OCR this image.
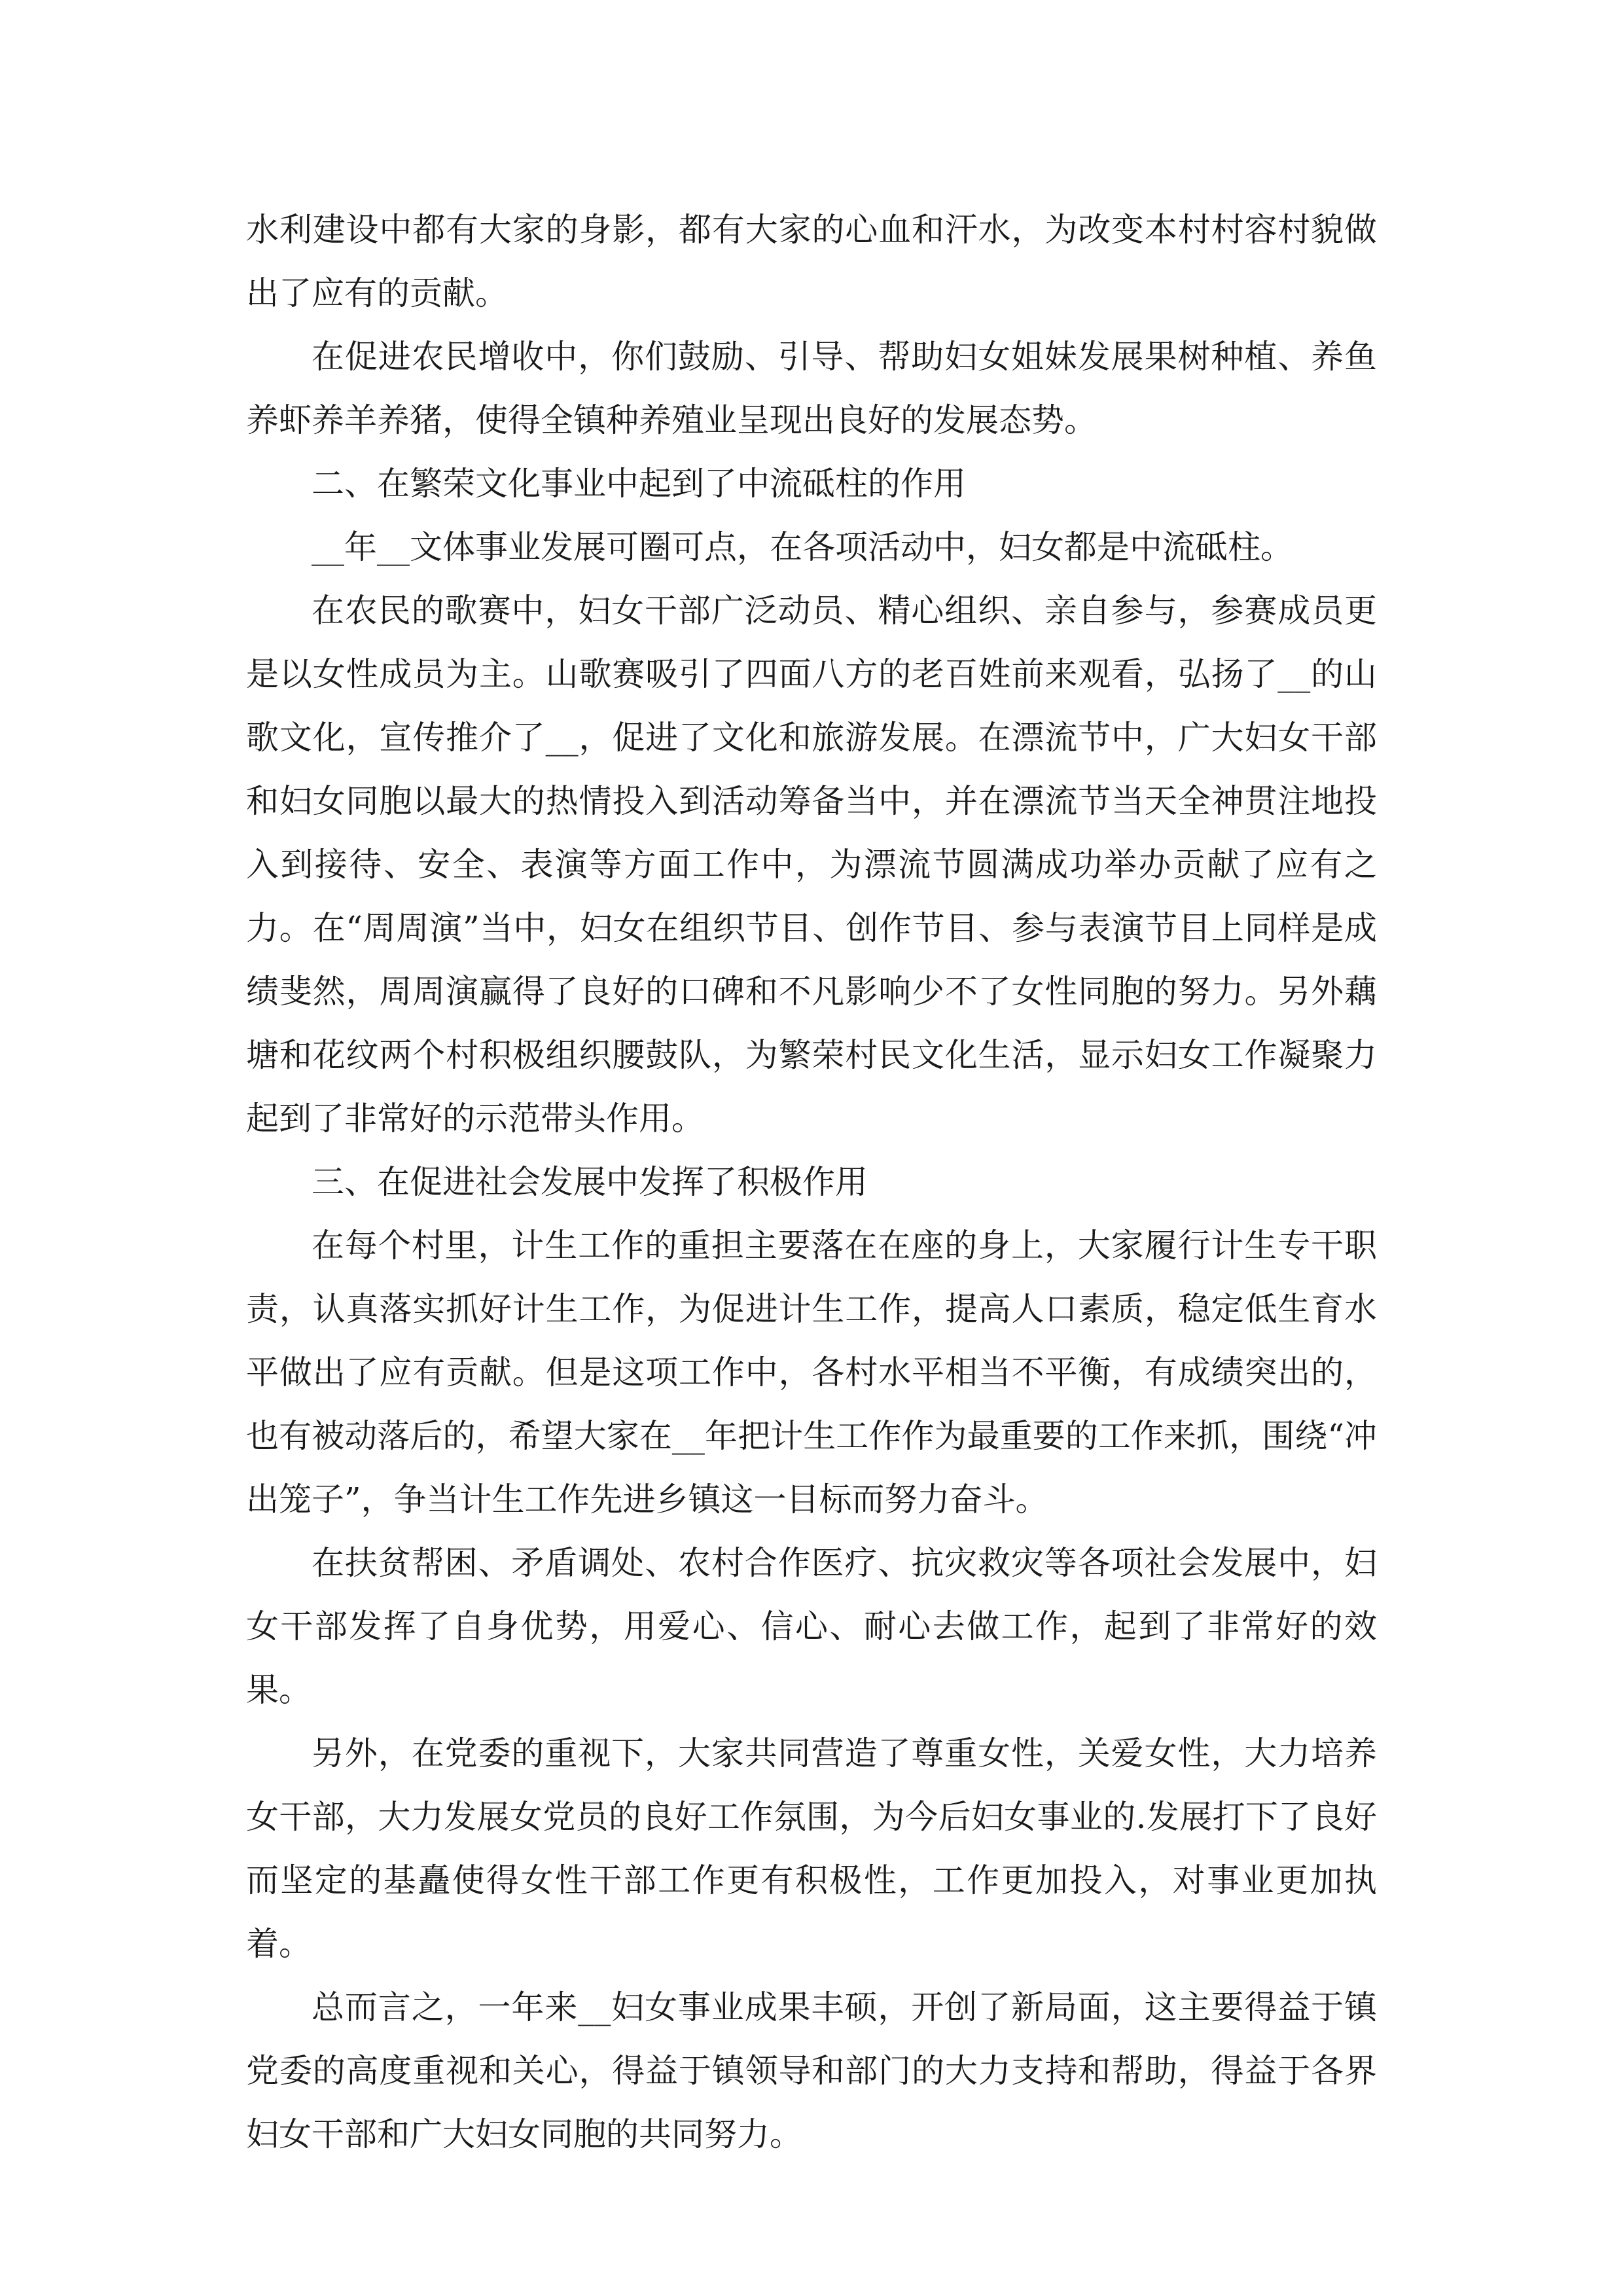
水利建设中都有大家的身影，都有大家的心血和汗水，为改变本村村容村貌做出了应有的贡献。

在促进农民增收中，你们鼓励、引导、帮助妇女姐妹发展果树种植、养鱼养虾养羊养猪，使得全镇种养殖业呈现出良好的发展态势。

二、在繁荣文化事业中起到了中流砥柱的作用

__年__文体事业发展可圈可点，在各项活动中，妇女都是中流砥柱。

在农民的歌赛中，妇女干部广泛动员、精心组织、亲自参与，参赛成员更是以女性成员为主。山歌赛吸引了四面八方的老百姓前来观看，弘扬了__的山歌文化，宣传推介了__，促进了文化和旅游发展。在漂流节中，广大妇女干部和妇女同胞以最大的热情投入到活动筹备当中，并在漂流节当天全神贯注地投入到接待、安全、表演等方面工作中，为漂流节圆满成功举办贡献了应有之力。在“周周演”当中，妇女在组织节目、创作节目、参与表演节目上同样是成绩斐然，周周演赢得了良好的口碑和不凡影响少不了女性同胞的努力。另外藕塘和花纹两个村积极组织腰鼓队，为繁荣村民文化生活，显示妇女工作凝聚力起到了非常好的示范带头作用。

三、在促进社会发展中发挥了积极作用

在每个村里，计生工作的重担主要落在在座的身上，大家履行计生专干职责，认真落实抓好计生工作，为促进计生工作，提高人口素质，稳定低生育水平做出了应有贡献。但是这项工作中，各村水平相当不平衡，有成绩突出的，也有被动落后的，希望大家在__年把计生工作作为最重要的工作来抓，围绕“冲出笼子”，争当计生工作先进乡镇这一目标而努力奋斗。

在扶贫帮困、矛盾调处、农村合作医疗、抗灾救灾等各项社会发展中，妇女干部发挥了自身优势，用爱心、信心、耐心去做工作，起到了非常好的效果。

另外，在党委的重视下，大家共同营造了尊重女性，关爱女性，大力培养女干部，大力发展女党员的良好工作氛围，为今后妇女事业的.发展打下了良好而坚定的基矗使得女性干部工作更有积极性，工作更加投入，对事业更加执着。

总而言之，一年来__妇女事业成果丰硕，开创了新局面，这主要得益于镇党委的高度重视和关心，得益于镇领导和部门的大力支持和帮助，得益于各界妇女干部和广大妇女同胞的共同努力。
